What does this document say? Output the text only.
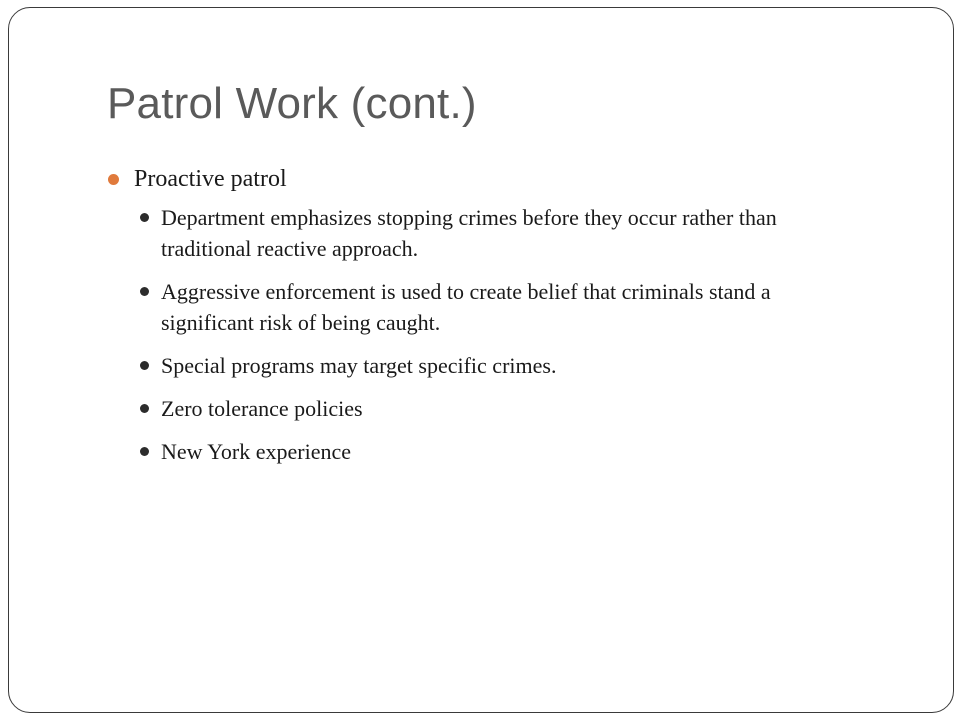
Patrol Work (cont.)
Proactive patrol
Department emphasizes stopping crimes before they occur rather than traditional reactive approach.
Aggressive enforcement is used to create belief that criminals stand a significant risk of being caught.
Special programs may target specific crimes.
Zero tolerance policies
New York experience
